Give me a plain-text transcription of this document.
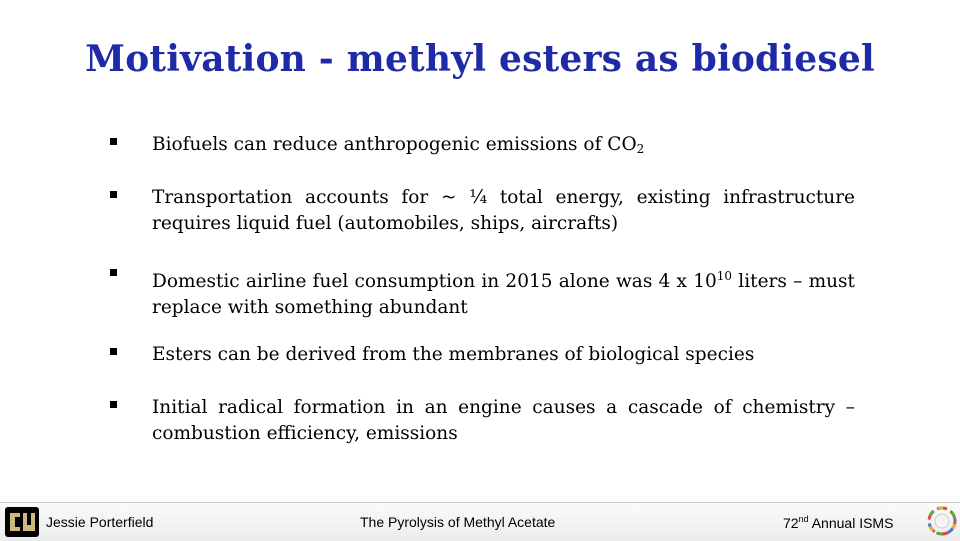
Motivation - methyl esters as biodiesel
Biofuels can reduce anthropogenic emissions of $CO_2$
Transportation accounts for ~ ¼ total energy, existing infrastructure requires liquid fuel (automobiles, ships, aircrafts)
Domestic airline fuel consumption in 2015 alone was 4 x $10^{10}$ liters – must replace with something abundant
Esters can be derived from the membranes of biological species
Initial radical formation in an engine causes a cascade of chemistry – combustion efficiency, emissions
Jessie Porterfield	The Pyrolysis of Methyl Acetate	72nd Annual ISMS
